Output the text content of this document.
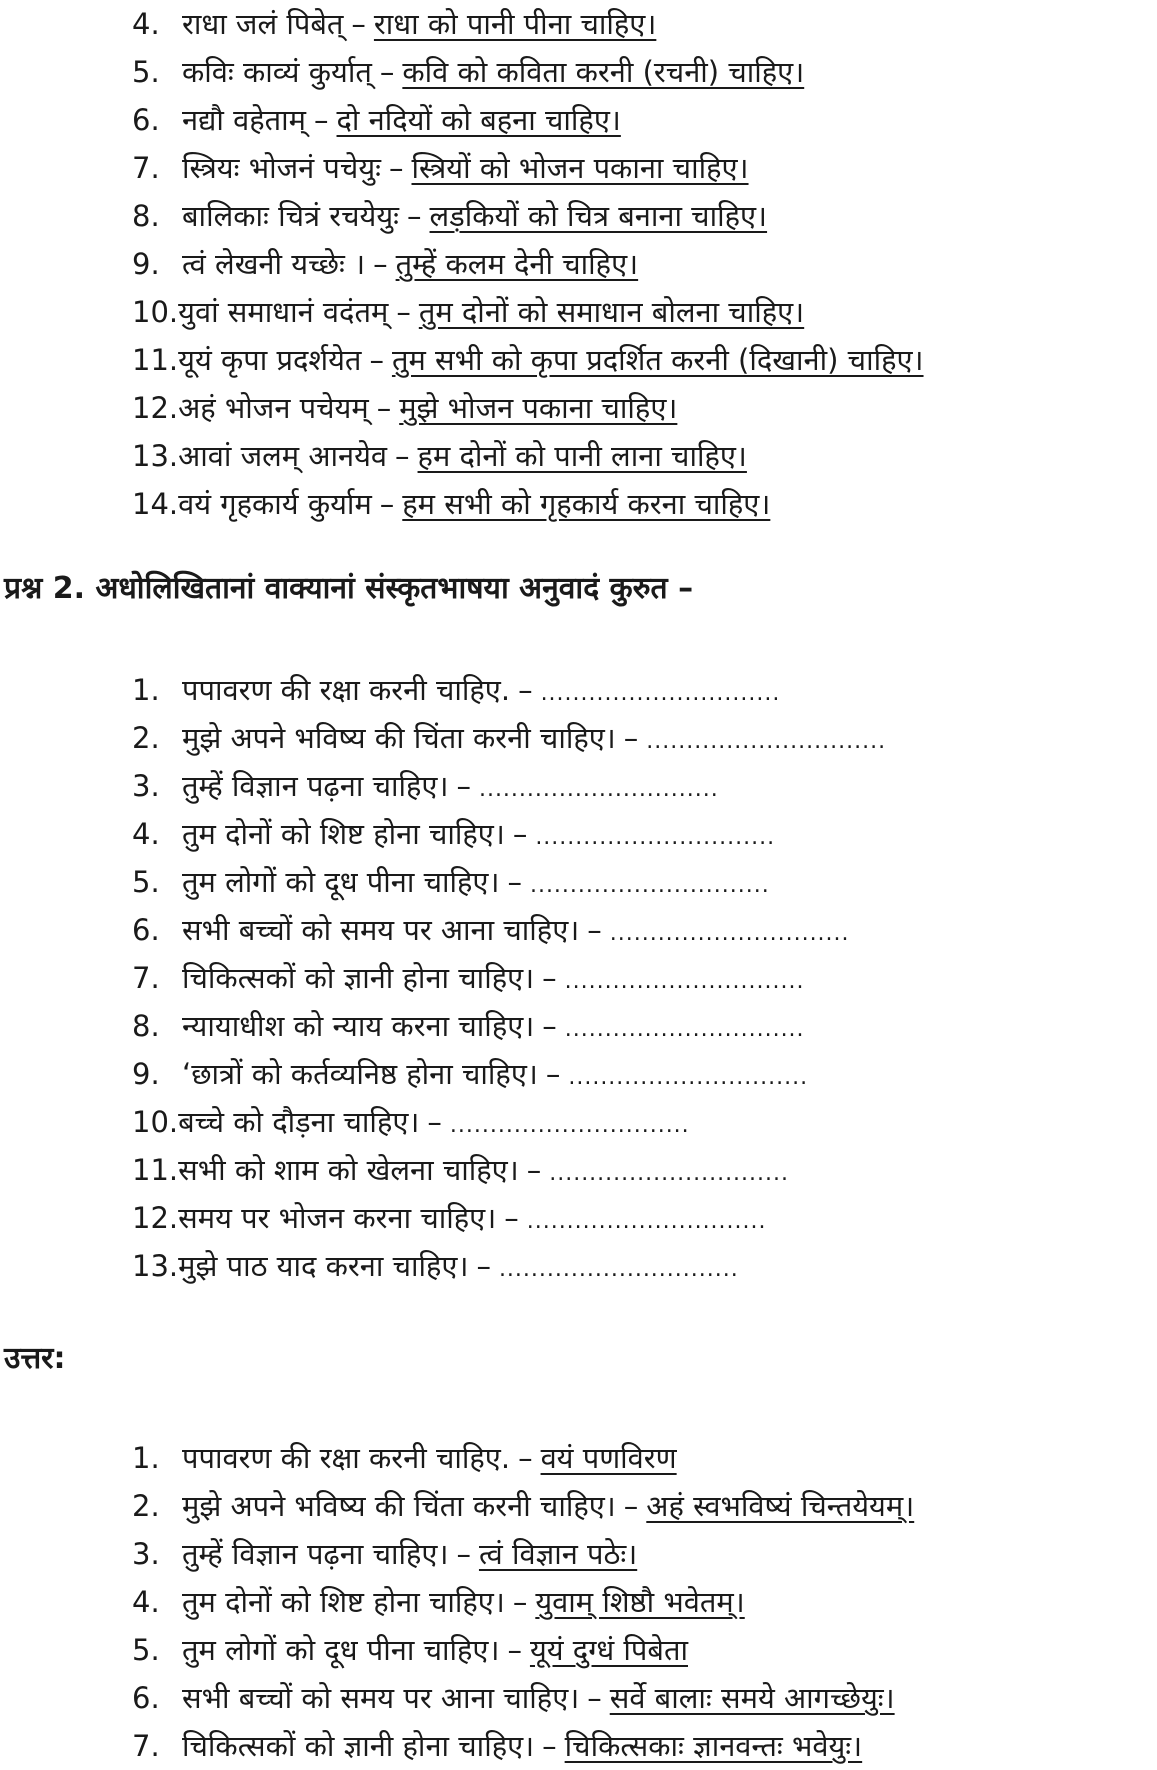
4. राधा जलं पिबेत् – राधा को पानी पीना चाहिए।
5. कविः काव्यं कुर्यात् – कवि को कविता करनी (रचनी) चाहिए।
6. नद्यौ वहेताम् – दो नदियों को बहना चाहिए।
7. स्त्रियः भोजनं पचेयुः – स्त्रियों को भोजन पकाना चाहिए।
8. बालिकाः चित्रं रचयेयुः – लड़कियों को चित्र बनाना चाहिए।
9. त्वं लेखनी यच्छेः । – तुम्हें कलम देनी चाहिए।
10. युवां समाधानं वदंतम् – तुम दोनों को समाधान बोलना चाहिए।
11. यूयं कृपा प्रदर्शयेत – तुम सभी को कृपा प्रदर्शित करनी (दिखानी) चाहिए।
12. अहं भोजन पचेयम् – मुझे भोजन पकाना चाहिए।
13. आवां जलम् आनयेव – हम दोनों को पानी लाना चाहिए।
14. वयं गृहकार्य कुर्याम – हम सभी को गृहकार्य करना चाहिए।
प्रश्न 2. अधोलिखितानां वाक्यानां संस्कृतभाषया अनुवादं कुरुत –
1. पपावरण की रक्षा करनी चाहिए. – ..............................
2. मुझे अपने भविष्य की चिंता करनी चाहिए। – ..............................
3. तुम्हें विज्ञान पढ़ना चाहिए। – ..............................
4. तुम दोनों को शिष्ट होना चाहिए। – ..............................
5. तुम लोगों को दूध पीना चाहिए। – ..............................
6. सभी बच्चों को समय पर आना चाहिए। – ..............................
7. चिकित्सकों को ज्ञानी होना चाहिए। – ..............................
8. न्यायाधीश को न्याय करना चाहिए। – ..............................
9. ‘छात्रों को कर्तव्यनिष्ठ होना चाहिए। – ..............................
10. बच्चे को दौड़ना चाहिए। – ..............................
11. सभी को शाम को खेलना चाहिए। – ..............................
12. समय पर भोजन करना चाहिए। – ..............................
13. मुझे पाठ याद करना चाहिए। – ..............................
उत्तर:
1. पपावरण की रक्षा करनी चाहिए. – वयं पणविरण
2. मुझे अपने भविष्य की चिंता करनी चाहिए। – अहं स्वभविष्यं चिन्तयेयम्।
3. तुम्हें विज्ञान पढ़ना चाहिए। – त्वं विज्ञान पठेः।
4. तुम दोनों को शिष्ट होना चाहिए। – युवाम् शिष्ठौ भवेतम्।
5. तुम लोगों को दूध पीना चाहिए। – यूयं दुग्धं पिबेता
6. सभी बच्चों को समय पर आना चाहिए। – सर्वे बालाः समये आगच्छेयुः।
7. चिकित्सकों को ज्ञानी होना चाहिए। – चिकित्सकाः ज्ञानवन्तः भवेयुः।
